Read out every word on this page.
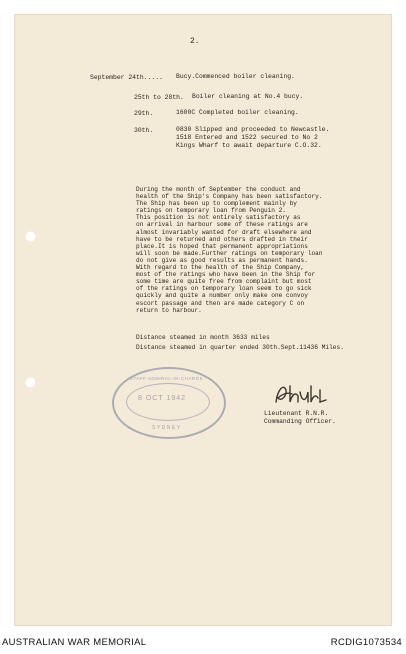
2.
September 24th..... Bucy.Commenced boiler cleaning.
25th to 28th. Boiler cleaning at No.4 bucy.
29th.	1600C Completed boiler cleaning.
30th.	0830 Slipped and proceeded to Newcastle.
1518 Entered and 1522 secured to No 2
Kings Wharf to await departure C.O.32.
During the month of September the conduct and
health of the Ship's Company has been satisfactory.
The Ship has been up to complement mainly by
ratings on temporary loan from Penguin 2.
This position is not entirely satisfactory as
on arrival in harbour some of these ratings are
almost invariably wanted for draft elsewhere and
have to be returned and others drafted in their
place.It is hoped that permanent appropriations
will soon be made.Further ratings on temporary loan
do not give as good results as permanent hands.
With regard to the health of the Ship Company,
most of the ratings who have been in the Ship for
some time are quite free from complaint but most
of the ratings on temporary loan seem to go sick
quickly and quite a number only make one convoy
escort passage and then are made category C on
return to harbour.
Distance steamed in month 3633 miles
Distance steamed in quarter ended 30th.Sept.11436 Miles.
STAFF ADMIRAL-IN-CHARGE
8 OCT 1942
SYDNEY
Lieutenant R.N.R.
Commanding Officer.
AUSTRALIAN WAR MEMORIAL	RCDIG1073534
